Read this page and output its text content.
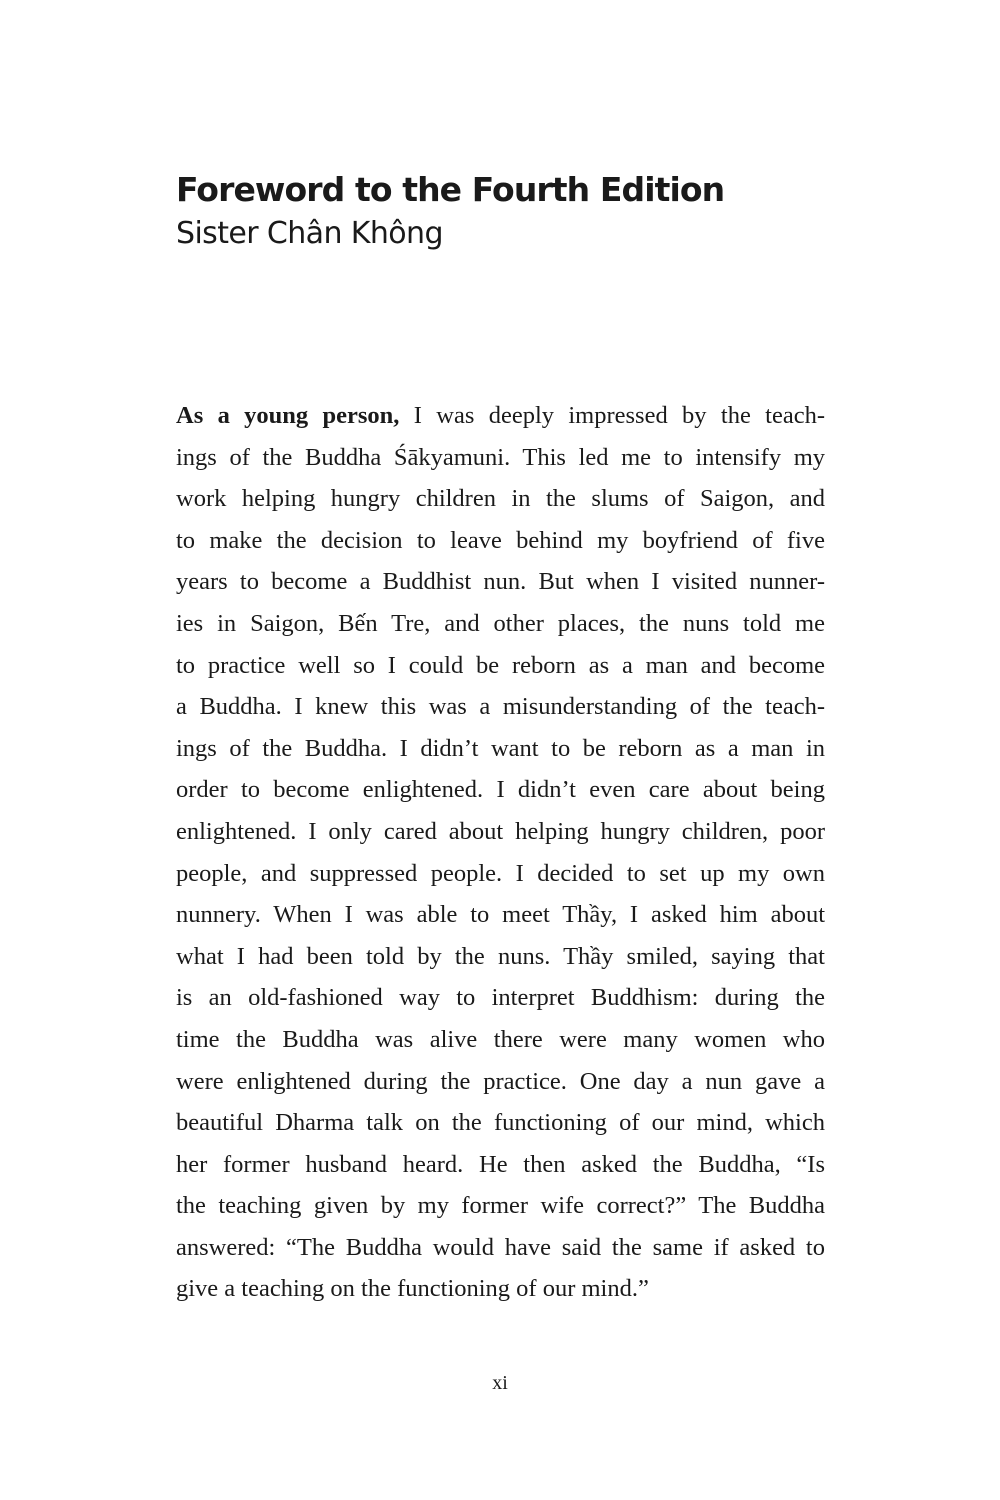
Foreword to the Fourth Edition
Sister Chân Không
As a young person, I was deeply impressed by the teach-
ings of the Buddha Śākyamuni. This led me to intensify my
work helping hungry children in the slums of Saigon, and
to make the decision to leave behind my boyfriend of five
years to become a Buddhist nun. But when I visited nunner-
ies in Saigon, Bến Tre, and other places, the nuns told me
to practice well so I could be reborn as a man and become
a Buddha. I knew this was a misunderstanding of the teach-
ings of the Buddha. I didn’t want to be reborn as a man in
order to become enlightened. I didn’t even care about being
enlightened. I only cared about helping hungry children, poor
people, and suppressed people. I decided to set up my own
nunnery. When I was able to meet Thầy, I asked him about
what I had been told by the nuns. Thầy smiled, saying that
is an old-fashioned way to interpret Buddhism: during the
time the Buddha was alive there were many women who
were enlightened during the practice. One day a nun gave a
beautiful Dharma talk on the functioning of our mind, which
her former husband heard. He then asked the Buddha, “Is
the teaching given by my former wife correct?” The Buddha
answered: “The Buddha would have said the same if asked to
give a teaching on the functioning of our mind.”
xi
